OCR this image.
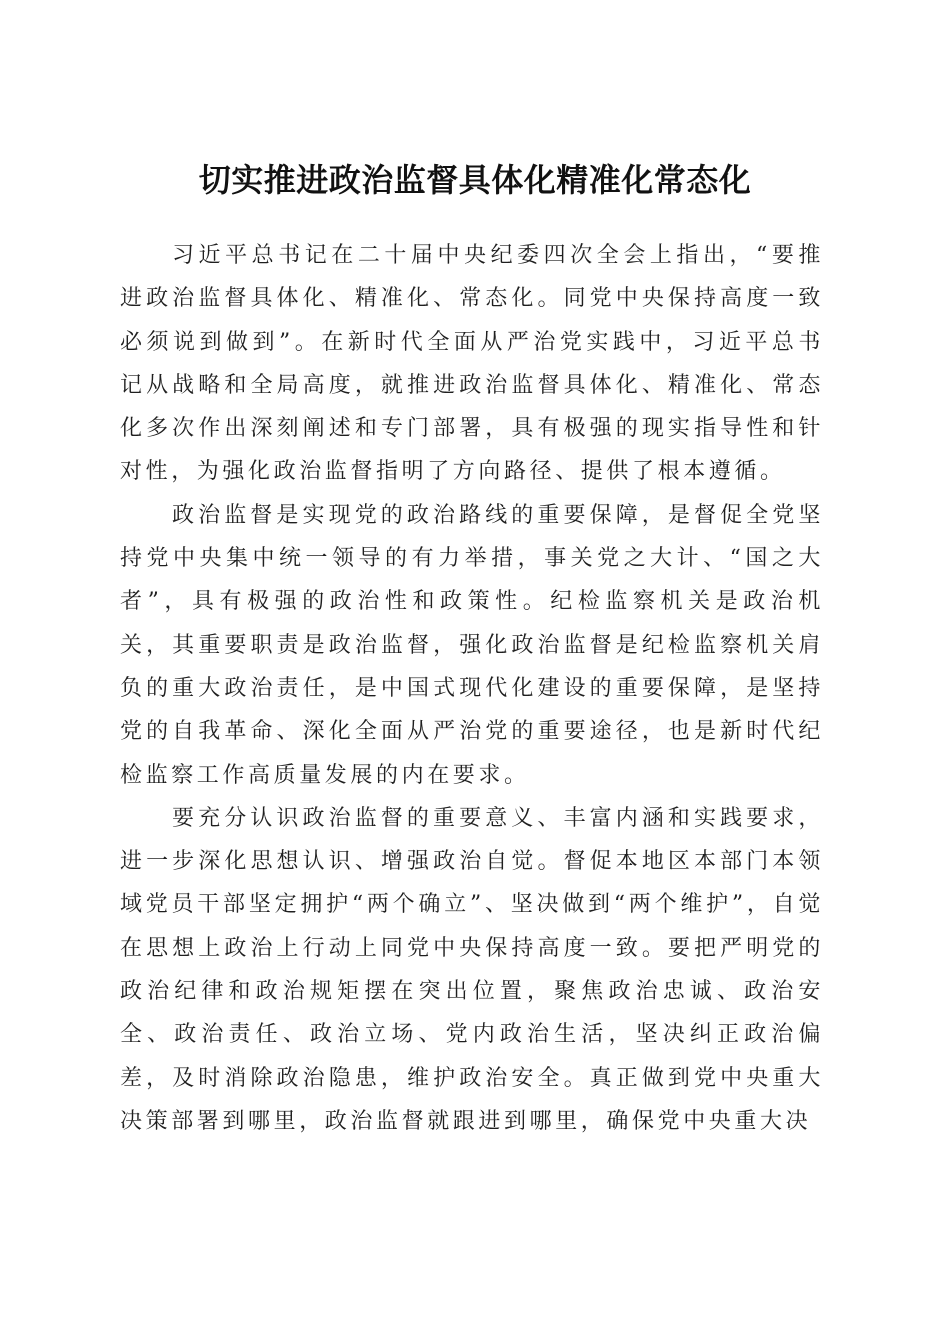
切实推进政治监督具体化精准化常态化

习近平总书记在二十届中央纪委四次全会上指出，“要推进政治监督具体化、精准化、常态化。同党中央保持高度一致必须说到做到”。在新时代全面从严治党实践中，习近平总书记从战略和全局高度，就推进政治监督具体化、精准化、常态化多次作出深刻阐述和专门部署，具有极强的现实指导性和针对性，为强化政治监督指明了方向路径、提供了根本遵循。

政治监督是实现党的政治路线的重要保障，是督促全党坚持党中央集中统一领导的有力举措，事关党之大计、“国之大者”，具有极强的政治性和政策性。纪检监察机关是政治机关，其重要职责是政治监督，强化政治监督是纪检监察机关肩负的重大政治责任，是中国式现代化建设的重要保障，是坚持党的自我革命、深化全面从严治党的重要途径，也是新时代纪检监察工作高质量发展的内在要求。

要充分认识政治监督的重要意义、丰富内涵和实践要求，进一步深化思想认识、增强政治自觉。督促本地区本部门本领域党员干部坚定拥护“两个确立”、坚决做到“两个维护”，自觉在思想上政治上行动上同党中央保持高度一致。要把严明党的政治纪律和政治规矩摆在突出位置，聚焦政治忠诚、政治安全、政治责任、政治立场、党内政治生活，坚决纠正政治偏差，及时消除政治隐患，维护政治安全。真正做到党中央重大决策部署到哪里，政治监督就跟进到哪里，确保党中央重大决
